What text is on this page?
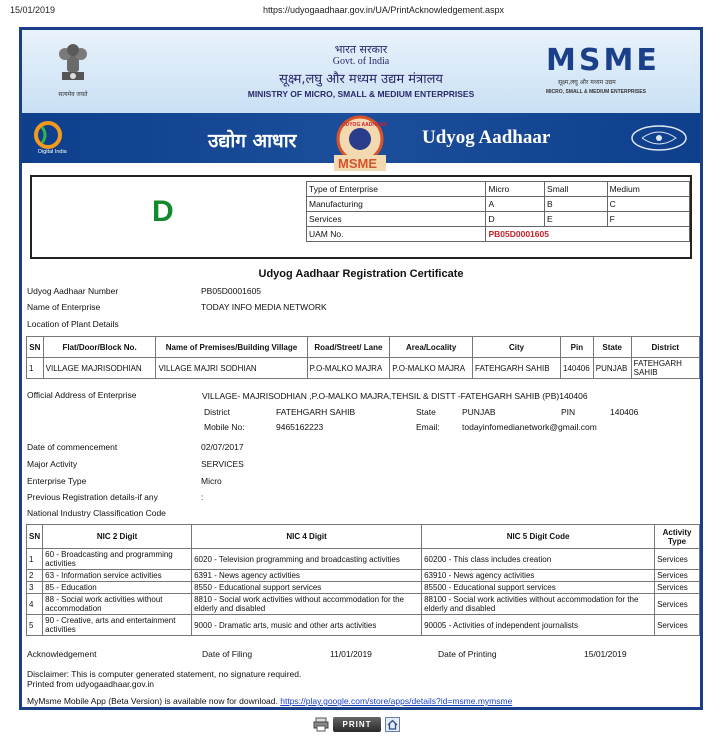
15/01/2019	https://udyogaadhaar.gov.in/UA/PrintAcknowledgement.aspx
सत्यमेव जयते
भारत सरकार
Govt. of India
सूक्ष्म,लघु और मध्यम उद्यम मंत्रालय
MINISTRY OF MICRO, SMALL & MEDIUM ENTERPRISES
MSME
सूक्ष्म,लघु और मध्यम उद्यम
MICRO, SMALL & MEDIUM ENTERPRISES
Digital India	उद्योग आधार
UDYOG AADHAAR
MSME
Udyog Aadhaar
D
Type of Enterprise	Micro	Small	Medium
Manufacturing	A	B	C
Services	D	E	F
UAM No.	PB05D0001605		
Udyog Aadhaar Registration Certificate
Udyog Aadhaar Number	PB05D0001605
Name of Enterprise	TODAY INFO MEDIA NETWORK
Location of Plant Details
SN	Flat/Door/Block No.	Name of Premises/Building Village	Road/Street/ Lane	Area/Locality	City	Pin	State	District
1	VILLAGE MAJRISODHIAN	VILLAGE MAJRI SODHIAN	P.O-MALKO MAJRA	P.O-MALKO MAJRA	FATEHGARH SAHIB	140406	PUNJAB	FATEHGARH SAHIB
Official Address of Enterprise	VILLAGE- MAJRISODHIAN ,P.O-MALKO MAJRA,TEHSIL & DISTT -FATEHGARH SAHIB (PB)140406
District	FATEHGARH SAHIB	State	PUNJAB	PIN	140406
Mobile No:	9465162223	Email:	todayinfomedianetwork@gmail.com
Date of commencement	02/07/2017
Major Activity	SERVICES
Enterprise Type	Micro
Previous Registration details-if any	:
National Industry Classification Code
SN	NIC 2 Digit	NIC 4 Digit	NIC 5 Digit Code	Activity Type
1	60 - Broadcasting and programming activities	6020 - Television programming and broadcasting activities	60200 - This class includes creation	Services
2	63 - Information service activities	6391 - News agency activities	63910 - News agency activities	Services
3	85 - Education	8550 - Educational support services	85500 - Educational support services	Services
4	88 - Social work activities without accommodation	8810 - Social work activities without accommodation for the elderly and disabled	88100 - Social work activities without accommodation for the elderly and disabled	Services
5	90 - Creative, arts and entertainment activities	9000 - Dramatic arts, music and other arts activities	90005 - Activities of independent journalists	Services
Acknowledgement	Date of Filing	11/01/2019	Date of Printing	15/01/2019
Disclaimer: This is computer generated statement, no signature required.
Printed from udyogaadhaar.gov.in
MyMsme Mobile App (Beta Version) is available now for download. https://play.google.com/store/apps/details?id=msme.mymsme
PRINT
